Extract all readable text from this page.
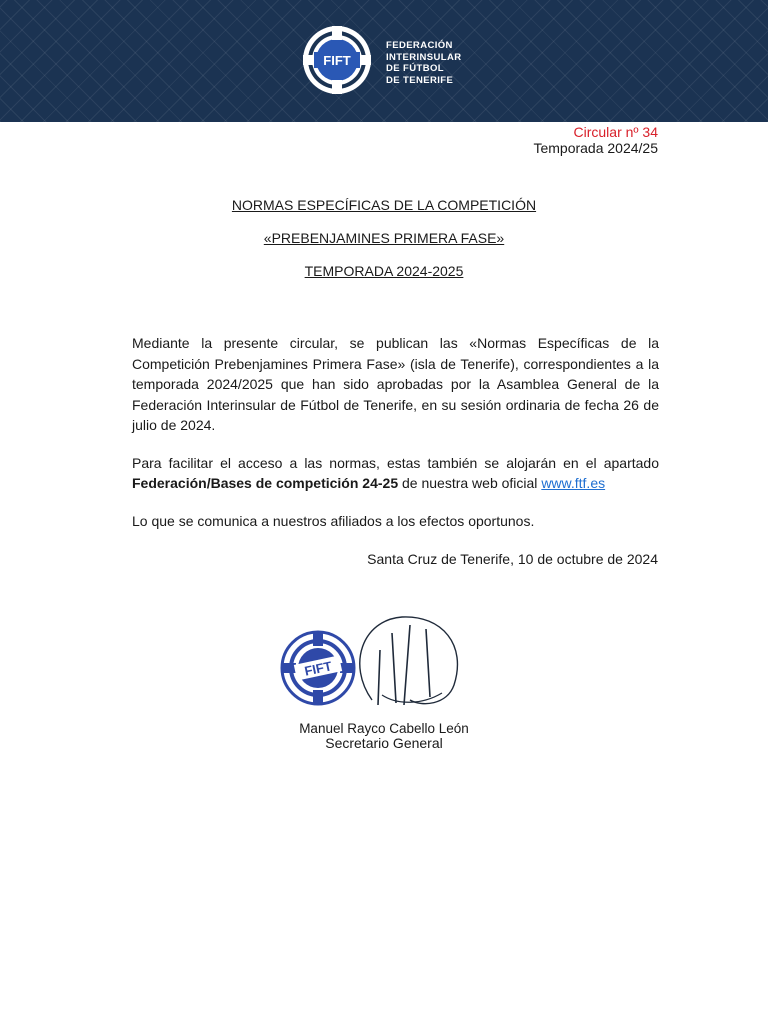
FIFT
FEDERACIÓN
INTERINSULAR
DE FÚTBOL
DE TENERIFE
Circular nº 34
Temporada 2024/25
NORMAS ESPECÍFICAS DE LA COMPETICIÓN
«PREBENJAMINES PRIMERA FASE»
TEMPORADA 2024-2025

Mediante la presente circular, se publican las «Normas Específicas de la Competición Prebenjamines Primera Fase» (isla de Tenerife), correspondientes a la temporada 2024/2025 que han sido aprobadas por la Asamblea General de la Federación Interinsular de Fútbol de Tenerife, en su sesión ordinaria de fecha 26 de julio de 2024.

Para facilitar el acceso a las normas, estas también se alojarán en el apartado Federación/Bases de competición 24-25 de nuestra web oficial www.ftf.es

Lo que se comunica a nuestros afiliados a los efectos oportunos.

Santa Cruz de Tenerife, 10 de octubre de 2024
FIFT
Manuel Rayco Cabello León
Secretario General
